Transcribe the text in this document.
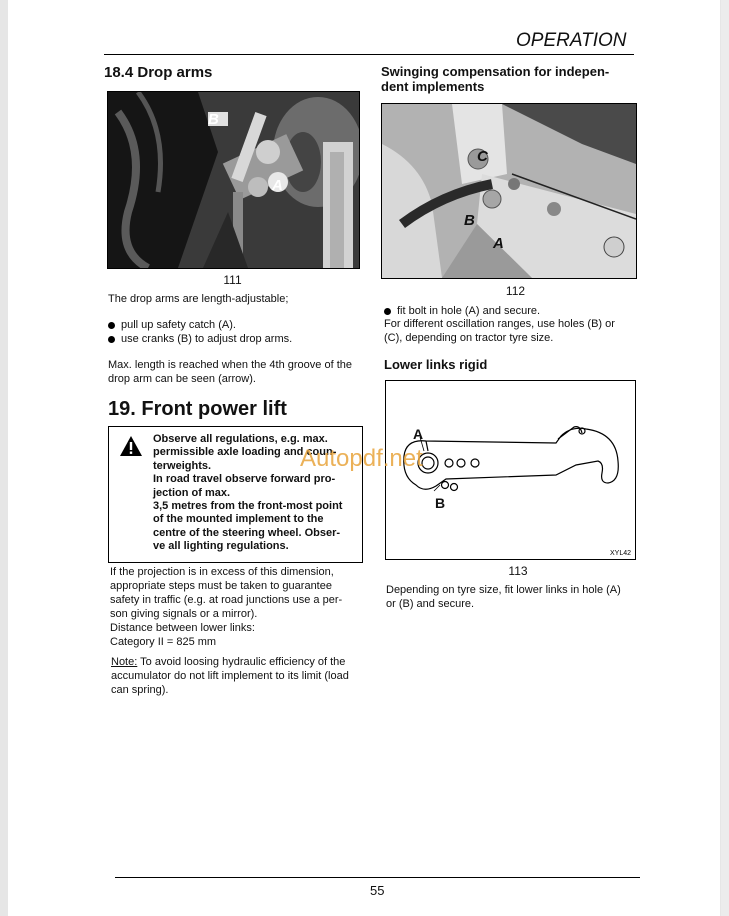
OPERATION
18.4 Drop arms
B
A
111
The drop arms are length-adjustable;
pull up safety catch (A).
use cranks (B) to adjust drop arms.
Max. length is reached when the 4th groove of the
drop arm can be seen (arrow).
19. Front power lift
Observe all regulations, e.g. max.
permissible axle loading and coun-
terweights.
In road travel observe forward pro-
jection of max.
3,5 metres from the front-most point
of the mounted implement to the
centre of the steering wheel. Obser-
ve all lighting regulations.
If the projection is in excess of this dimension,
appropriate steps must be taken to guarantee
safety in traffic (e.g. at road junctions use a per-
son giving signals or a mirror).
Distance between lower links:
Category II = 825 mm
Note: To avoid loosing hydraulic efficiency of the
accumulator do not lift implement to its limit (load
can spring).
Swinging compensation for indepen-
dent implements
C
B
A
112
fit bolt in hole (A) and secure.
For different oscillation ranges, use holes (B) or
(C), depending on tractor tyre size.
Lower links rigid
XYL42
A
B
113
Depending on tyre size, fit lower links in hole (A)
or (B) and secure.
Autopdf.net
55
